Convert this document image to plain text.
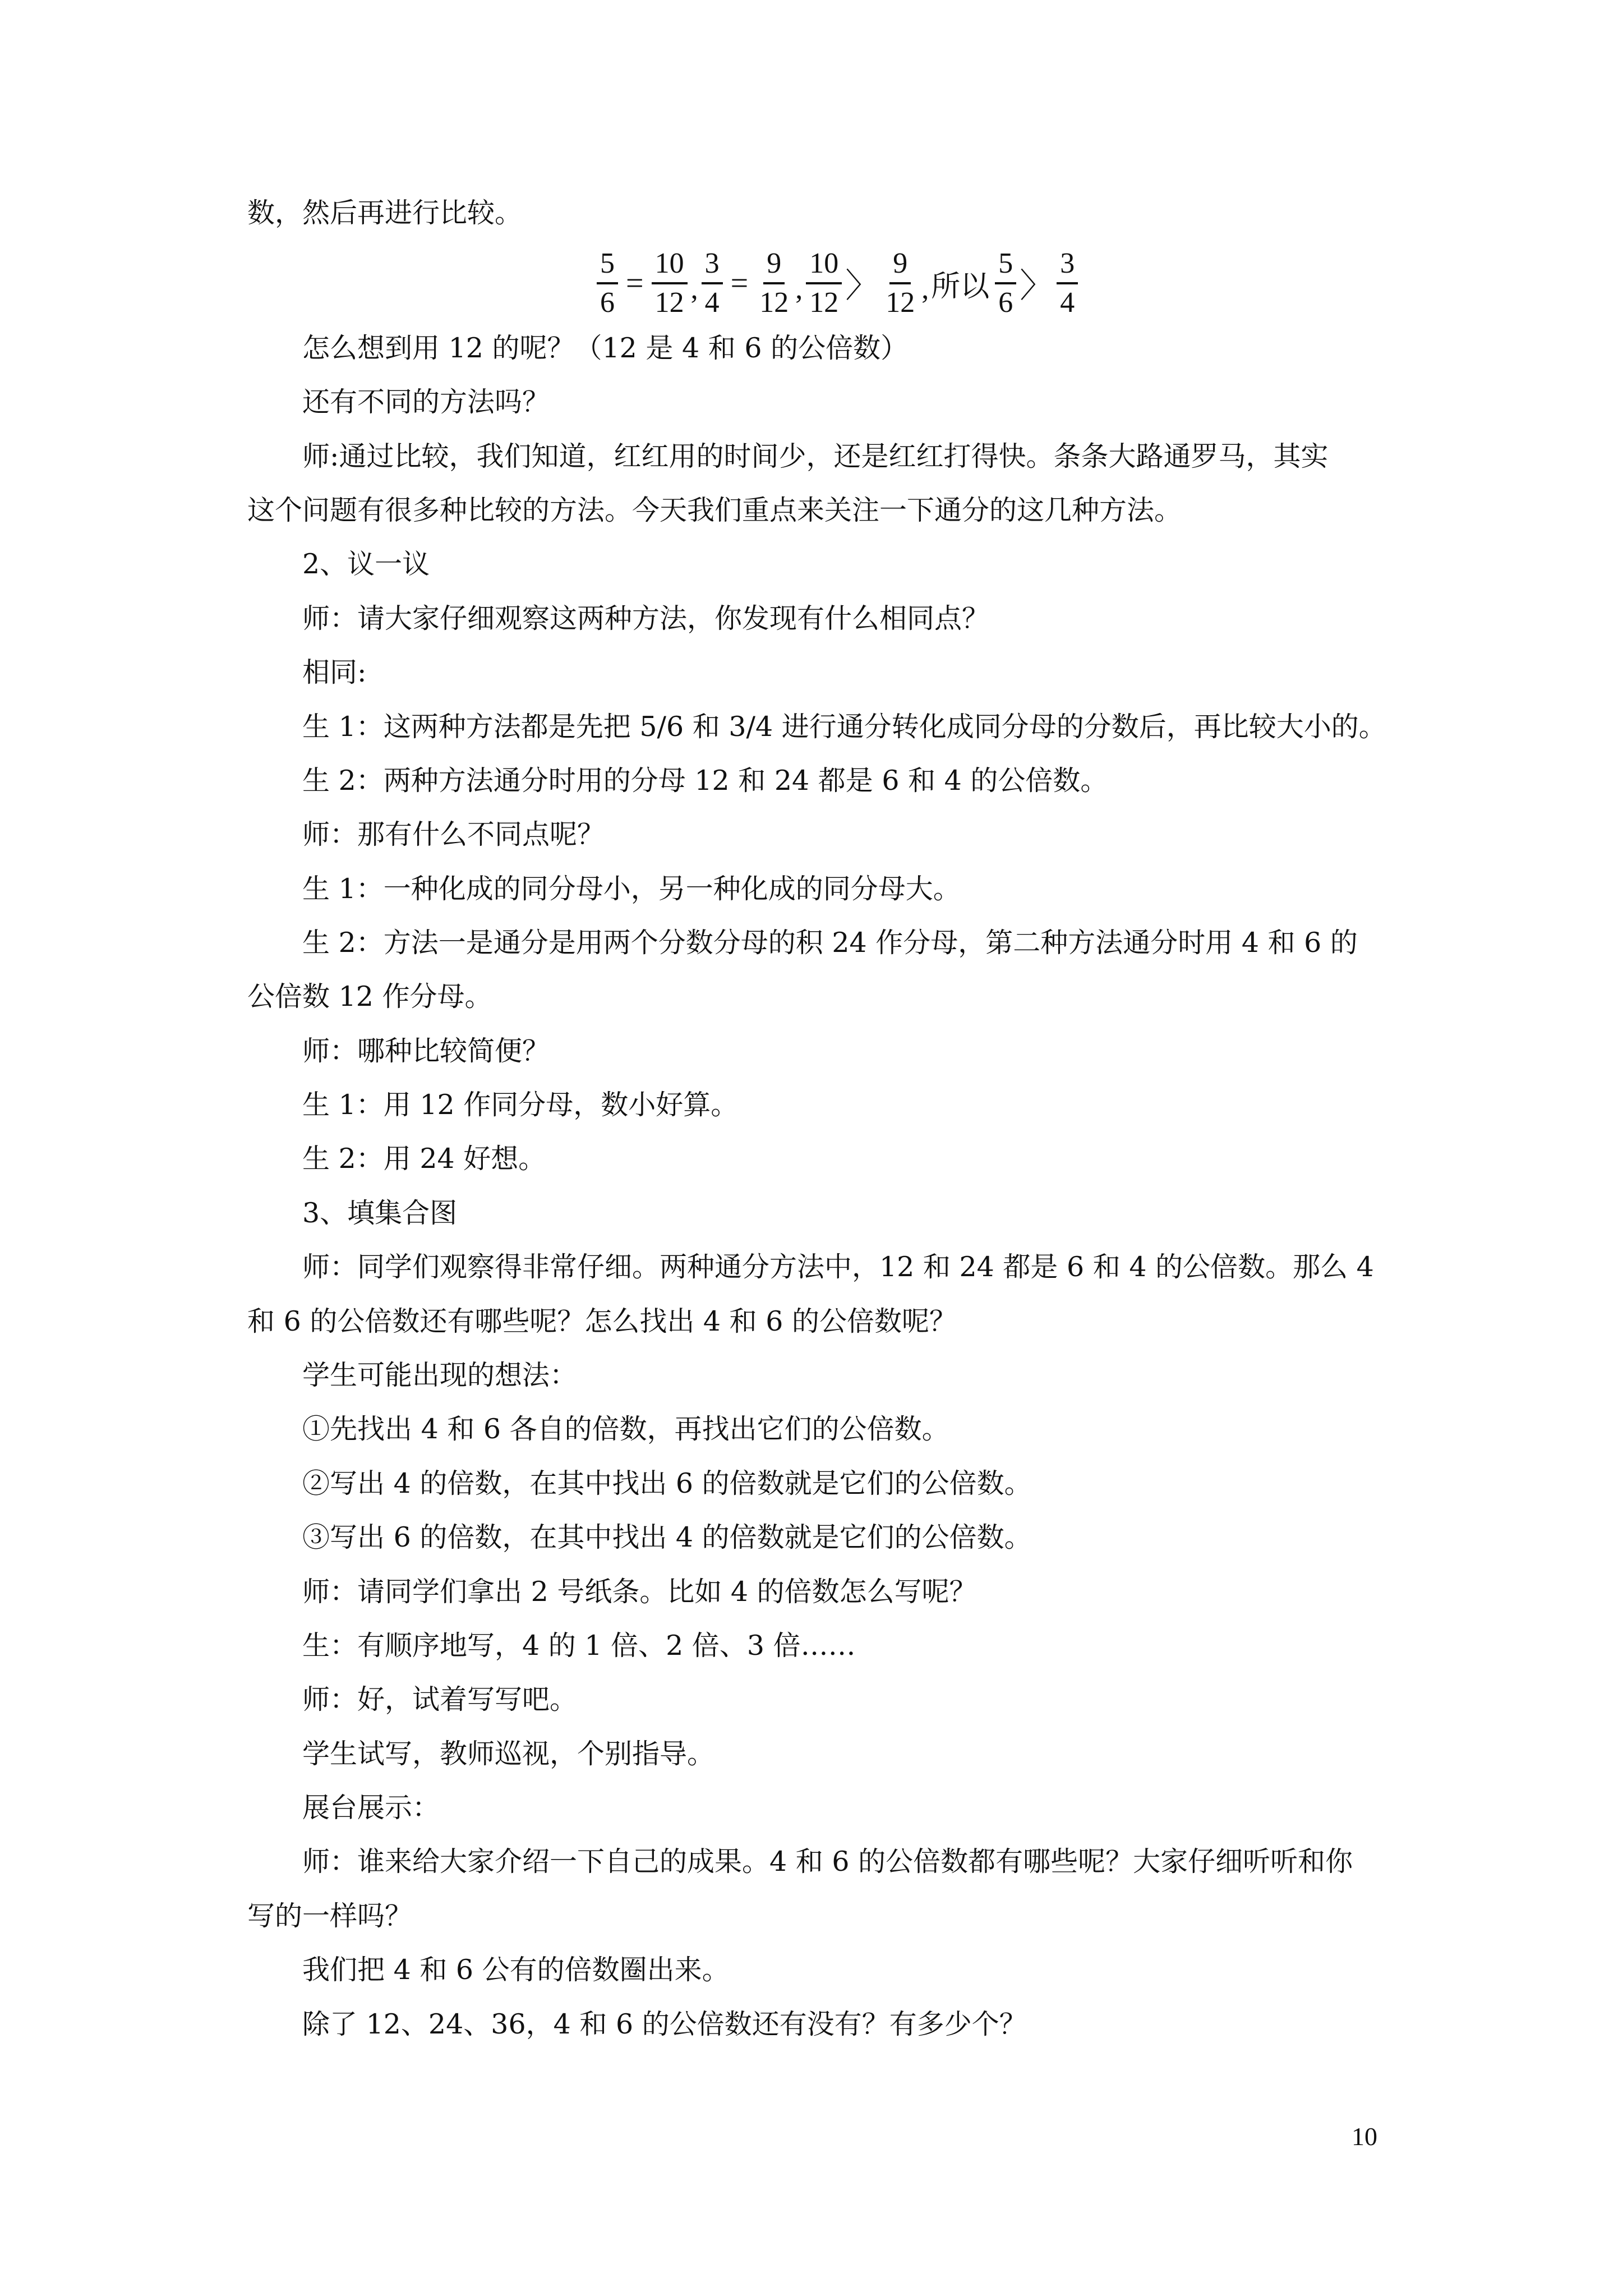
数，然后再进行比较。
$\frac{5}{6} = \frac{10}{12}$ , $\frac{3}{4} = \frac{9}{12}$ , $\frac{10}{12}$ 〉 $\frac{9}{12}$ , 所以 $\frac{5}{6}$ 〉 $\frac{3}{4}$
怎么想到用 12 的呢？（12 是 4 和 6 的公倍数）
还有不同的方法吗？
师:通过比较，我们知道，红红用的时间少，还是红红打得快。条条大路通罗马，其实
这个问题有很多种比较的方法。今天我们重点来关注一下通分的这几种方法。
2、议一议
师：请大家仔细观察这两种方法，你发现有什么相同点？
相同:
生 1：这两种方法都是先把 5/6 和 3/4 进行通分转化成同分母的分数后，再比较大小的。
生 2：两种方法通分时用的分母 12 和 24 都是 6 和 4 的公倍数。
师：那有什么不同点呢？
生 1：一种化成的同分母小，另一种化成的同分母大。
生 2：方法一是通分是用两个分数分母的积 24 作分母，第二种方法通分时用 4 和 6 的
公倍数 12 作分母。
师：哪种比较简便？
生 1：用 12 作同分母，数小好算。
生 2：用 24 好想。
3、填集合图
师：同学们观察得非常仔细。两种通分方法中，12 和 24 都是 6 和 4 的公倍数。那么 4
和 6 的公倍数还有哪些呢？怎么找出 4 和 6 的公倍数呢？
学生可能出现的想法：
①先找出 4 和 6 各自的倍数，再找出它们的公倍数。
②写出 4 的倍数，在其中找出 6 的倍数就是它们的公倍数。
③写出 6 的倍数，在其中找出 4 的倍数就是它们的公倍数。
师：请同学们拿出 2 号纸条。比如 4 的倍数怎么写呢？
生：有顺序地写，4 的 1 倍、2 倍、3 倍……
师：好，试着写写吧。
学生试写，教师巡视，个别指导。
展台展示：
师：谁来给大家介绍一下自己的成果。4 和 6 的公倍数都有哪些呢？大家仔细听听和你
写的一样吗？
我们把 4 和 6 公有的倍数圈出来。
除了 12、24、36，4 和 6 的公倍数还有没有？有多少个？
10
